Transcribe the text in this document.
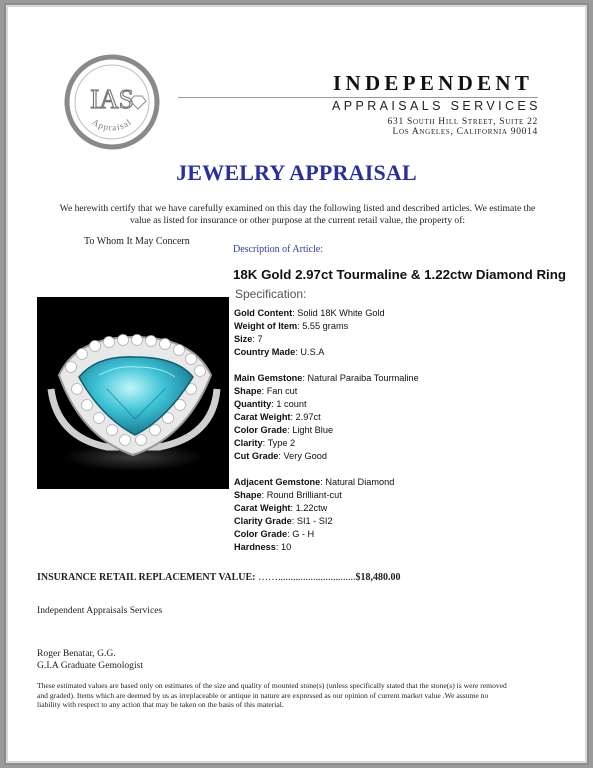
IAS
Appraisal
INDEPENDENT
APPRAISALS SERVICES
631 South Hill Street, Suite 22
Los Angeles, California 90014
JEWELRY APPRAISAL
We herewith certify that we have carefully examined on this day the following listed and described articles. We estimate the value as listed for insurance or other purpose at the current retail value, the property of:
To Whom It May Concern
Description of Article:
18K Gold 2.97ct Tourmaline & 1.22ctw Diamond Ring
Specification:
Gold Content: Solid 18K White Gold
Weight of Item: 5.55 grams
Size: 7
Country Made: U.S.A
Main Gemstone: Natural Paraiba Tourmaline
Shape: Fan cut
Quantity: 1 count
Carat Weight: 2.97ct
Color Grade: Light Blue
Clarity: Type 2
Cut Grade: Very Good
Adjacent Gemstone: Natural Diamond
Shape: Round Brilliant-cut
Carat Weight: 1.22ctw
Clarity Grade: SI1 - SI2
Color Grade: G - H
Hardness: 10
INSURANCE RETAIL REPLACEMENT VALUE: ……...............................$18,480.00
Independent Appraisals Services
Roger Benatar, G.G.
G.I.A Graduate Gemologist
These estimated values are based only on estimates of the size and quality of mounted stone(s) (unless specifically stated that the stone(s) is were removed and graded). Items which are deemed by us as irreplaceable or antique in nature are expressed as our opinion of current market value .We assume no liability with respect to any action that may be taken on the basis of this material.
